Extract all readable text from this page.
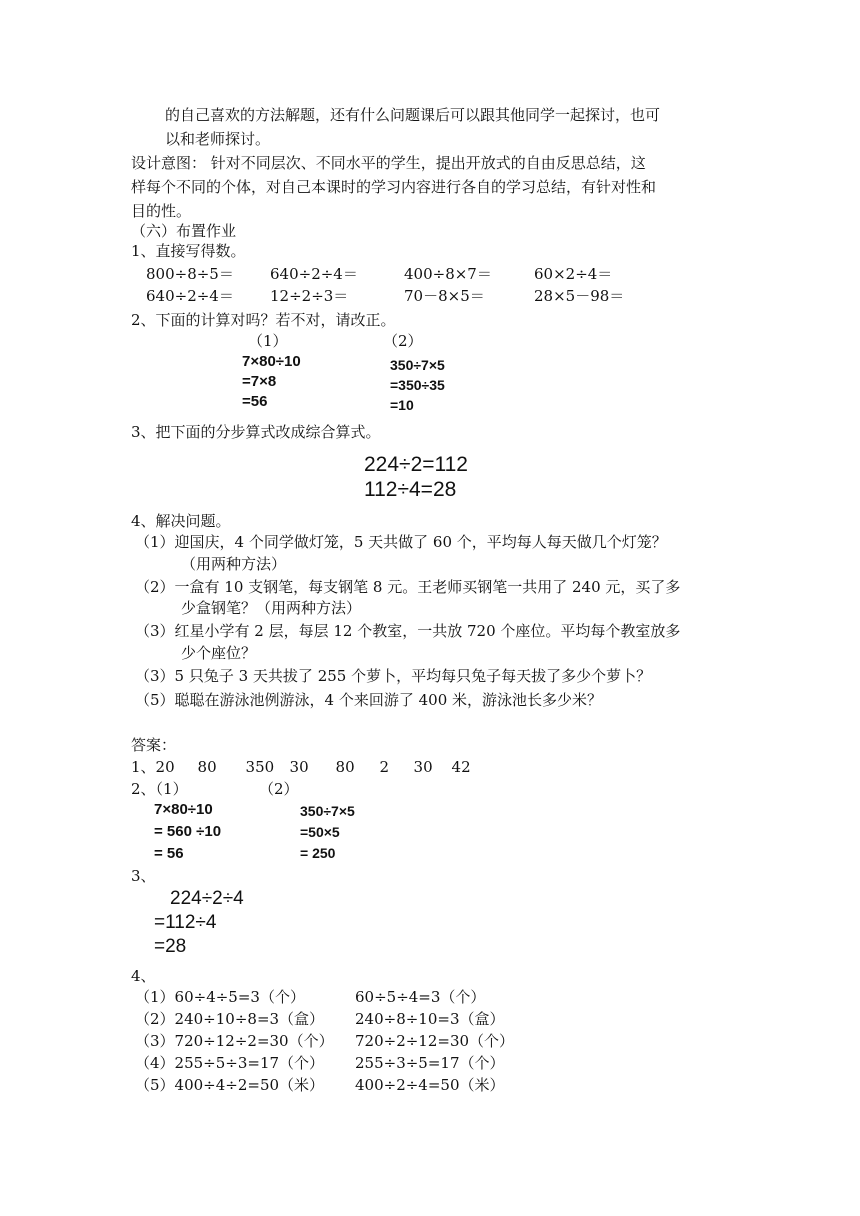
的自己喜欢的方法解题，还有什么问题课后可以跟其他同学一起探讨，也可
以和老师探讨。
设计意图： 针对不同层次、不同水平的学生，提出开放式的自由反思总结，这
样每个不同的个体，对自己本课时的学习内容进行各自的学习总结，有针对性和
目的性。
（六）布置作业
1、直接写得数。
800÷8÷5＝ 640÷2÷4＝	400÷8×7＝	60×2÷4＝
640÷2÷4＝ 12÷2÷3＝	70－8×5＝	28×5－98＝
2、下面的计算对吗？若不对，请改正。
（1）	（2）
7×80÷10
=7×8
=56
350÷7×5
=350÷35
=10
3、把下面的分步算式改成综合算式。
224÷2=112
112÷4=28
4、解决问题。
（1）迎国庆，4 个同学做灯笼，5 天共做了 60 个，平均每人每天做几个灯笼？
（用两种方法）
（2）一盒有 10 支钢笔，每支钢笔 8 元。王老师买钢笔一共用了 240 元，买了多
少盒钢笔？（用两种方法）
（3）红星小学有 2 层，每层 12 个教室，一共放 720 个座位。平均每个教室放多
少个座位？
（3）5 只兔子 3 天共拔了 255 个萝卜，平均每只兔子每天拔了多少个萝卜？
（5）聪聪在游泳池例游泳，4 个来回游了 400 米，游泳池长多少米？
答案：
1、20 80 350 30 80 2 30 42
2、（1）	（2）
7×80÷10
= 560 ÷10
= 56
350÷7×5
=50×5
= 250
3、
224÷2÷4
=112÷4
=28
4、
（1）60÷4÷5=3（个）	60÷5÷4=3（个）
（2）240÷10÷8=3（盒） 240÷8÷10=3（盒）
（3）720÷12÷2=30（个） 720÷2÷12=30（个）
（4）255÷5÷3=17（个） 255÷3÷5=17（个）
（5）400÷4÷2=50（米） 400÷2÷4=50（米）
